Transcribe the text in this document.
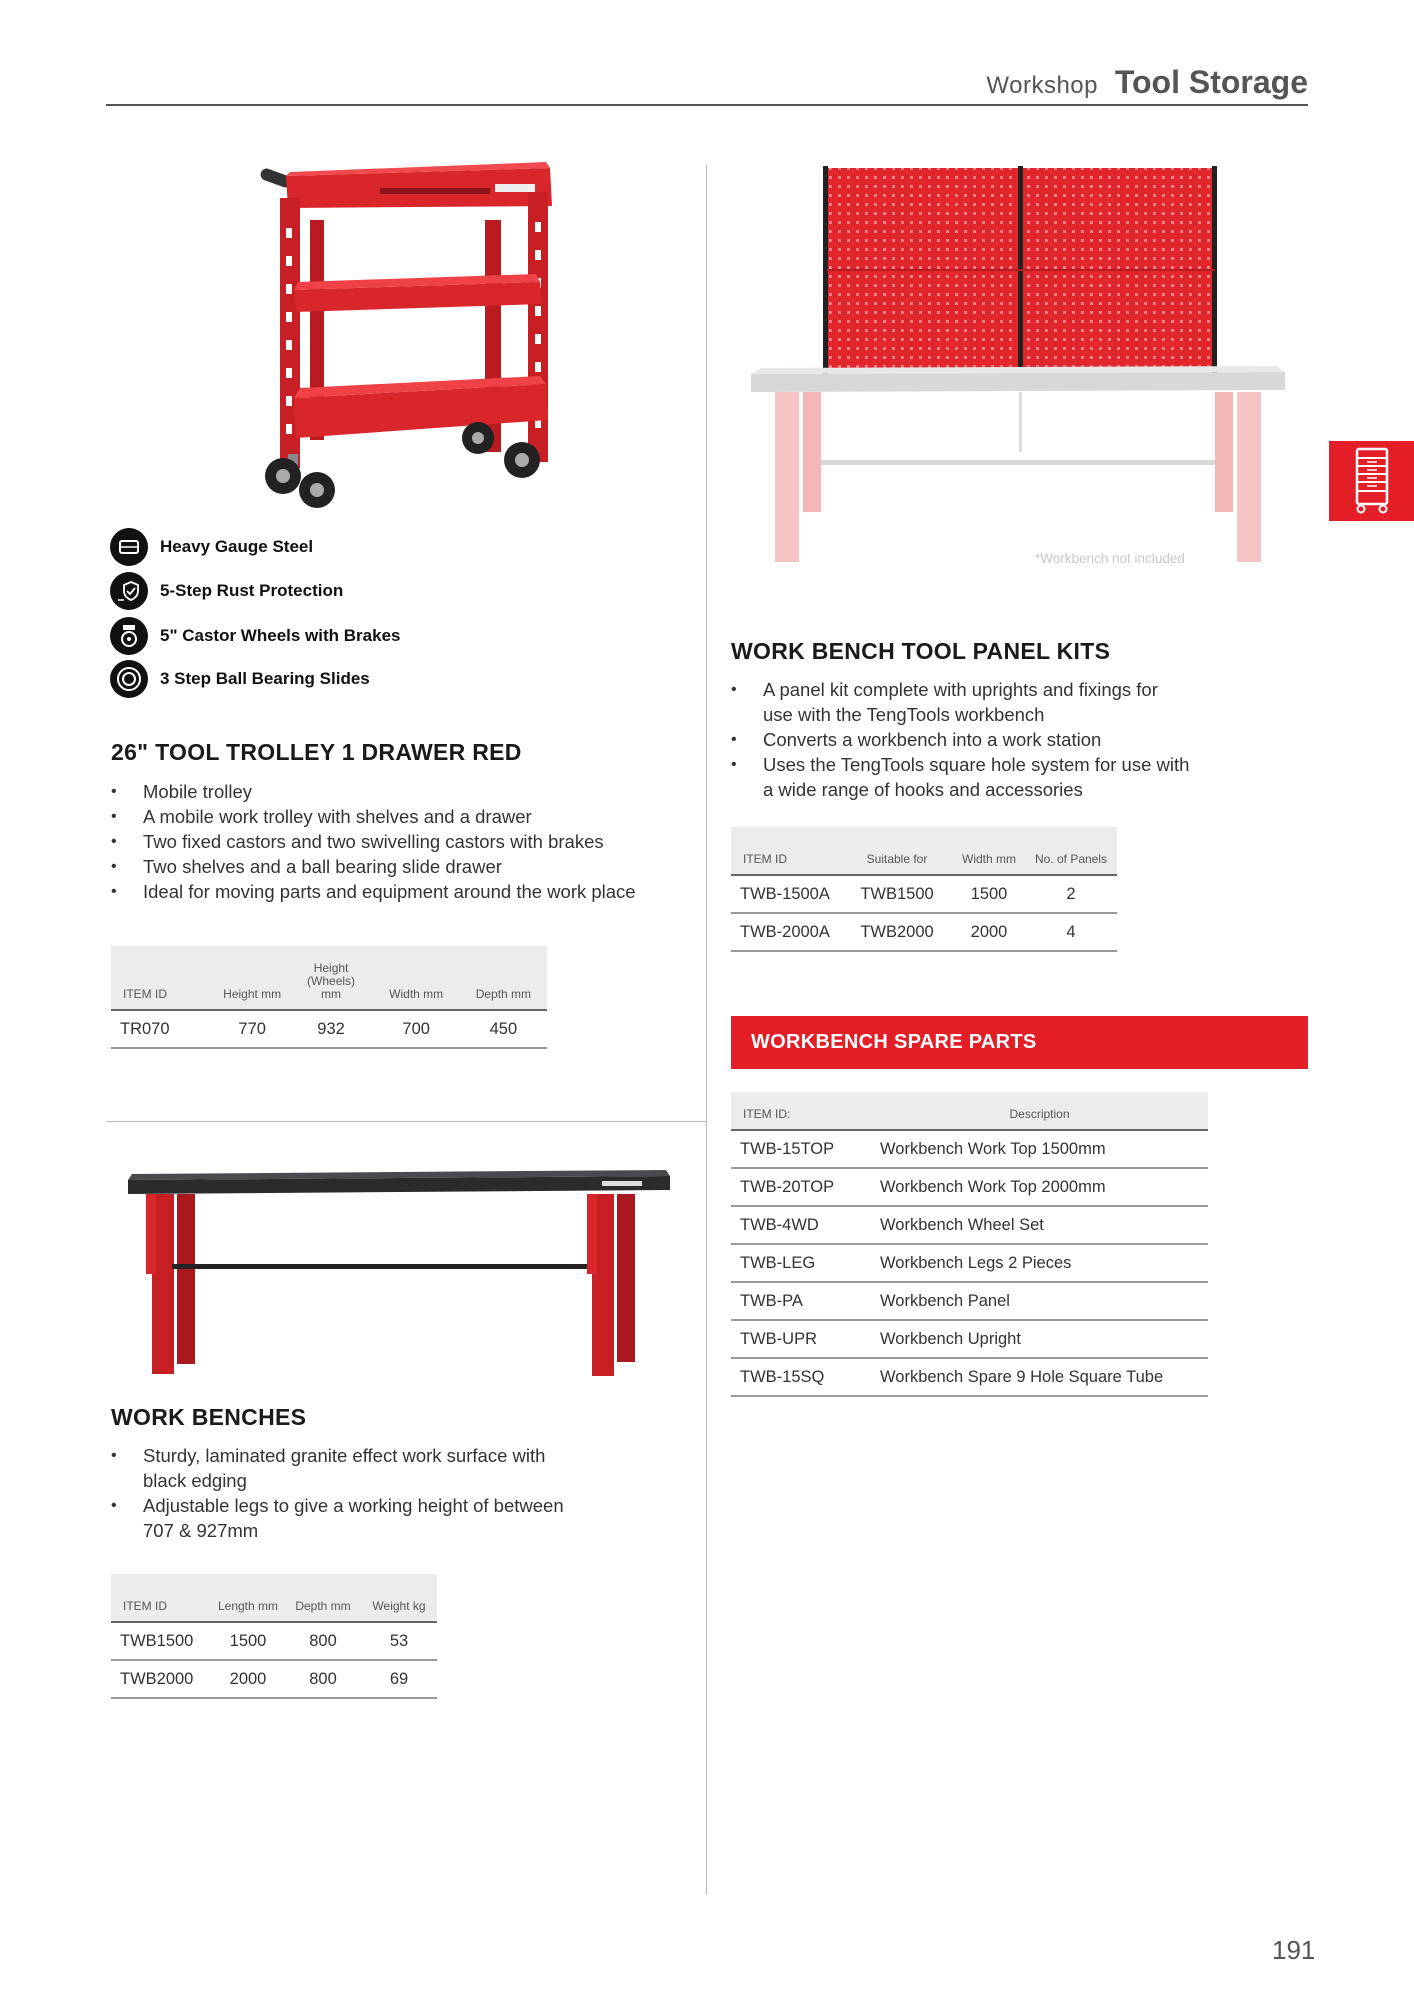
Workshop Tool Storage
Heavy Gauge Steel
5-Step Rust Protection
5" Castor Wheels with Brakes
3 Step Ball Bearing Slides
26" TOOL TROLLEY 1 DRAWER RED
• Mobile trolley
• A mobile work trolley with shelves and a drawer
• Two fixed castors and two swivelling castors with brakes
• Two shelves and a ball bearing slide drawer
• Ideal for moving parts and equipment around the work place
ITEM ID	Height mm	Height (Wheels) mm	Width mm	Depth mm
TR070	770	932	700	450
WORK BENCHES
• Sturdy, laminated granite effect work surface with black edging
• Adjustable legs to give a working height of between 707 & 927mm
ITEM ID	Length mm	Depth mm	Weight kg
TWB1500	1500	800	53
TWB2000	2000	800	69
*Workbench not included
WORK BENCH TOOL PANEL KITS
• A panel kit complete with uprights and fixings for use with the TengTools workbench
• Converts a workbench into a work station
• Uses the TengTools square hole system for use with a wide range of hooks and accessories
ITEM ID	Suitable for	Width mm	No. of Panels
TWB-1500A	TWB1500	1500	2
TWB-2000A	TWB2000	2000	4
WORKBENCH SPARE PARTS
ITEM ID:	Description
TWB-15TOP	Workbench Work Top 1500mm
TWB-20TOP	Workbench Work Top 2000mm
TWB-4WD	Workbench Wheel Set
TWB-LEG	Workbench Legs 2 Pieces
TWB-PA	Workbench Panel
TWB-UPR	Workbench Upright
TWB-15SQ	Workbench Spare 9 Hole Square Tube
191
